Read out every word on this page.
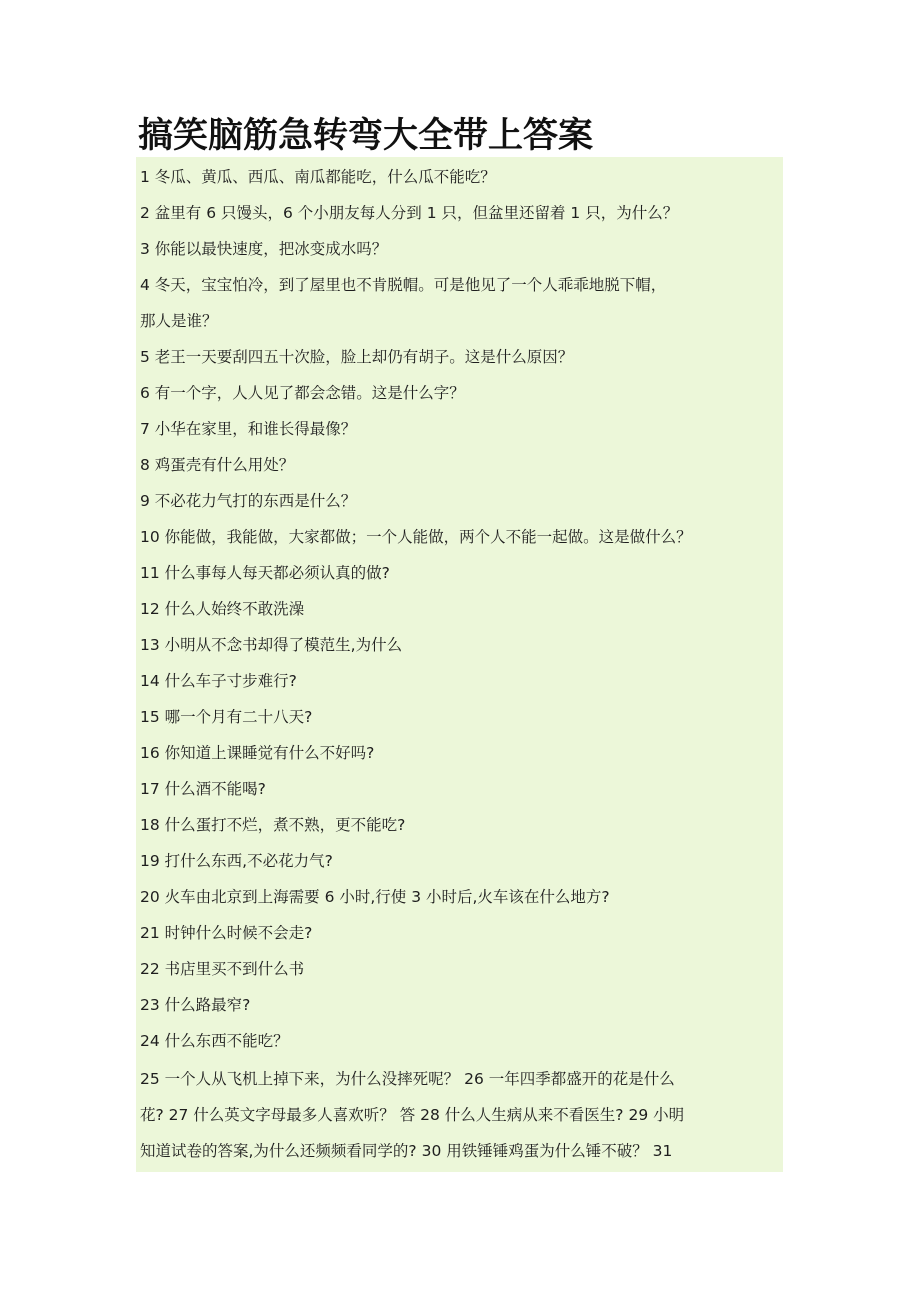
搞笑脑筋急转弯大全带上答案
1 冬瓜、黄瓜、西瓜、南瓜都能吃，什么瓜不能吃？
2 盆里有 6 只馒头，6 个小朋友每人分到 1 只，但盆里还留着 1 只，为什么？
3 你能以最快速度，把冰变成水吗？
4 冬天，宝宝怕冷，到了屋里也不肯脱帽。可是他见了一个人乖乖地脱下帽，
那人是谁？
5 老王一天要刮四五十次脸，脸上却仍有胡子。这是什么原因？
6 有一个字，人人见了都会念错。这是什么字？
7 小华在家里，和谁长得最像？
8 鸡蛋壳有什么用处？
9 不必花力气打的东西是什么？
10 你能做，我能做，大家都做；一个人能做，两个人不能一起做。这是做什么？
11 什么事每人每天都必须认真的做?
12 什么人始终不敢洗澡
13 小明从不念书却得了模范生,为什么
14 什么车子寸步难行?
15 哪一个月有二十八天?
16 你知道上课睡觉有什么不好吗?
17 什么酒不能喝?
18 什么蛋打不烂，煮不熟，更不能吃?
19 打什么东西,不必花力气?
20 火车由北京到上海需要 6 小时,行使 3 小时后,火车该在什么地方?
21 时钟什么时候不会走?
22 书店里买不到什么书
23 什么路最窄?
24 什么东西不能吃？
25 一个人从飞机上掉下来，为什么没摔死呢？ 26 一年四季都盛开的花是什么
花? 27 什么英文字母最多人喜欢听？ 答 28 什么人生病从来不看医生? 29 小明
知道试卷的答案,为什么还频频看同学的? 30 用铁锤锤鸡蛋为什么锤不破？ 31
